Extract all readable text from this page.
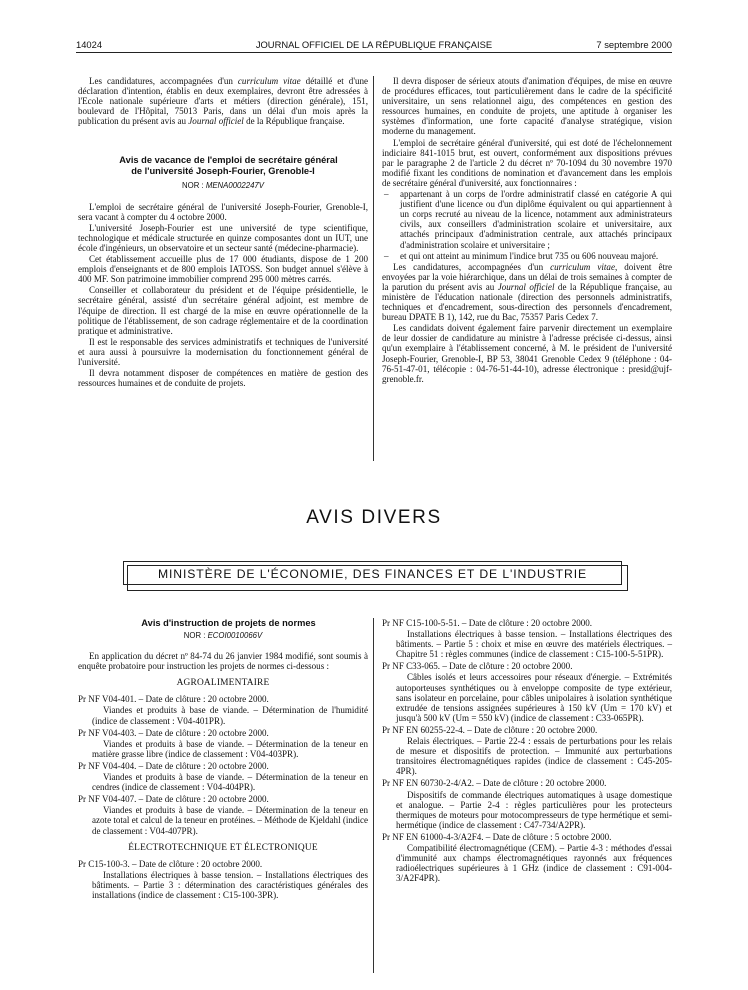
14024	JOURNAL OFFICIEL DE LA RÉPUBLIQUE FRANÇAISE	7 septembre 2000

Les candidatures, accompagnées d'un curriculum vitae détaillé et d'une déclaration d'intention, établis en deux exemplaires, devront être adressées à l'Ecole nationale supérieure d'arts et métiers (direction générale), 151, boulevard de l'Hôpital, 75013 Paris, dans un délai d'un mois après la publication du présent avis au Journal officiel de la République française.

Avis de vacance de l'emploi de secrétaire général
de l'université Joseph-Fourier, Grenoble-I

NOR : MENA0002247V

L'emploi de secrétaire général de l'université Joseph-Fourier, Grenoble-I, sera vacant à compter du 4 octobre 2000.

L'université Joseph-Fourier est une université de type scientifique, technologique et médicale structurée en quinze composantes dont un IUT, une école d'ingénieurs, un observatoire et un secteur santé (médecine-pharmacie).

Cet établissement accueille plus de 17 000 étudiants, dispose de 1 200 emplois d'enseignants et de 800 emplois IATOSS. Son budget annuel s'élève à 400 MF. Son patrimoine immobilier comprend 295 000 mètres carrés.

Conseiller et collaborateur du président et de l'équipe présidentielle, le secrétaire général, assisté d'un secrétaire général adjoint, est membre de l'équipe de direction. Il est chargé de la mise en œuvre opérationnelle de la politique de l'établissement, de son cadrage réglementaire et de la coordination pratique et administrative.

Il est le responsable des services administratifs et techniques de l'université et aura aussi à poursuivre la modernisation du fonctionnement général de l'université.

Il devra notamment disposer de compétences en matière de gestion des ressources humaines et de conduite de projets.

Il devra disposer de sérieux atouts d'animation d'équipes, de mise en œuvre de procédures efficaces, tout particulièrement dans le cadre de la spécificité universitaire, un sens relationnel aigu, des compétences en gestion des ressources humaines, en conduite de projets, une aptitude à organiser les systèmes d'information, une forte capacité d'analyse stratégique, vision moderne du management.

L'emploi de secrétaire général d'université, qui est doté de l'échelonnement indiciaire 841-1015 brut, est ouvert, conformément aux dispositions prévues par le paragraphe 2 de l'article 2 du décret nº 70-1094 du 30 novembre 1970 modifié fixant les conditions de nomination et d'avancement dans les emplois de secrétaire général d'université, aux fonctionnaires :

– appartenant à un corps de l'ordre administratif classé en catégorie A qui justifient d'une licence ou d'un diplôme équivalent ou qui appartiennent à un corps recruté au niveau de la licence, notamment aux administrateurs civils, aux conseillers d'administration scolaire et universitaire, aux attachés principaux d'administration centrale, aux attachés principaux d'administration scolaire et universitaire ;

– et qui ont atteint au minimum l'indice brut 735 ou 606 nouveau majoré.

Les candidatures, accompagnées d'un curriculum vitae, doivent être envoyées par la voie hiérarchique, dans un délai de trois semaines à compter de la parution du présent avis au Journal officiel de la République française, au ministère de l'éducation nationale (direction des personnels administratifs, techniques et d'encadrement, sous-direction des personnels d'encadrement, bureau DPATE B 1), 142, rue du Bac, 75357 Paris Cedex 7.

Les candidats doivent également faire parvenir directement un exemplaire de leur dossier de candidature au ministre à l'adresse précisée ci-dessus, ainsi qu'un exemplaire à l'établissement concerné, à M. le président de l'université Joseph-Fourier, Grenoble-I, BP 53, 38041 Grenoble Cedex 9 (téléphone : 04-76-51-47-01, télécopie : 04-76-51-44-10), adresse électronique : presid@ujf-grenoble.fr.

AVIS DIVERS
MINISTÈRE DE L'ÉCONOMIE, DES FINANCES ET DE L'INDUSTRIE

Avis d'instruction de projets de normes

NOR : ECOI0010066V

En application du décret nº 84-74 du 26 janvier 1984 modifié, sont soumis à enquête probatoire pour instruction les projets de normes ci-dessous :

AGROALIMENTAIRE

Pr NF V04-401. – Date de clôture : 20 octobre 2000.

Viandes et produits à base de viande. – Détermination de l'humidité (indice de classement : V04-401PR).

Pr NF V04-403. – Date de clôture : 20 octobre 2000.

Viandes et produits à base de viande. – Détermination de la teneur en matière grasse libre (indice de classement : V04-403PR).

Pr NF V04-404. – Date de clôture : 20 octobre 2000.

Viandes et produits à base de viande. – Détermination de la teneur en cendres (indice de classement : V04-404PR).

Pr NF V04-407. – Date de clôture : 20 octobre 2000.

Viandes et produits à base de viande. – Détermination de la teneur en azote total et calcul de la teneur en protéines. – Méthode de Kjeldahl (indice de classement : V04-407PR).

ÉLECTROTECHNIQUE ET ÉLECTRONIQUE

Pr C15-100-3. – Date de clôture : 20 octobre 2000.

Installations électriques à basse tension. – Installations électriques des bâtiments. – Partie 3 : détermination des caractéristiques générales des installations (indice de classement : C15-100-3PR).

Pr NF C15-100-5-51. – Date de clôture : 20 octobre 2000.

Installations électriques à basse tension. – Installations électriques des bâtiments. – Partie 5 : choix et mise en œuvre des matériels électriques. – Chapitre 51 : règles communes (indice de classement : C15-100-5-51PR).

Pr NF C33-065. – Date de clôture : 20 octobre 2000.

Câbles isolés et leurs accessoires pour réseaux d'énergie. – Extrémités autoporteuses synthétiques ou à enveloppe composite de type extérieur, sans isolateur en porcelaine, pour câbles unipolaires à isolation synthétique extrudée de tensions assignées supérieures à 150 kV (Um = 170 kV) et jusqu'à 500 kV (Um = 550 kV) (indice de classement : C33-065PR).

Pr NF EN 60255-22-4. – Date de clôture : 20 octobre 2000.

Relais électriques. – Partie 22-4 : essais de perturbations pour les relais de mesure et dispositifs de protection. – Immunité aux perturbations transitoires électromagnétiques rapides (indice de classement : C45-205-4PR).

Pr NF EN 60730-2-4/A2. – Date de clôture : 20 octobre 2000.

Dispositifs de commande électriques automatiques à usage domestique et analogue. – Partie 2-4 : règles particulières pour les protecteurs thermiques de moteurs pour motocompresseurs de type hermétique et semi-hermétique (indice de classement : C47-734/A2PR).

Pr NF EN 61000-4-3/A2F4. – Date de clôture : 5 octobre 2000.

Compatibilité électromagnétique (CEM). – Partie 4-3 : méthodes d'essai d'immunité aux champs électromagnétiques rayonnés aux fréquences radioélectriques supérieures à 1 GHz (indice de classement : C91-004-3/A2F4PR).
